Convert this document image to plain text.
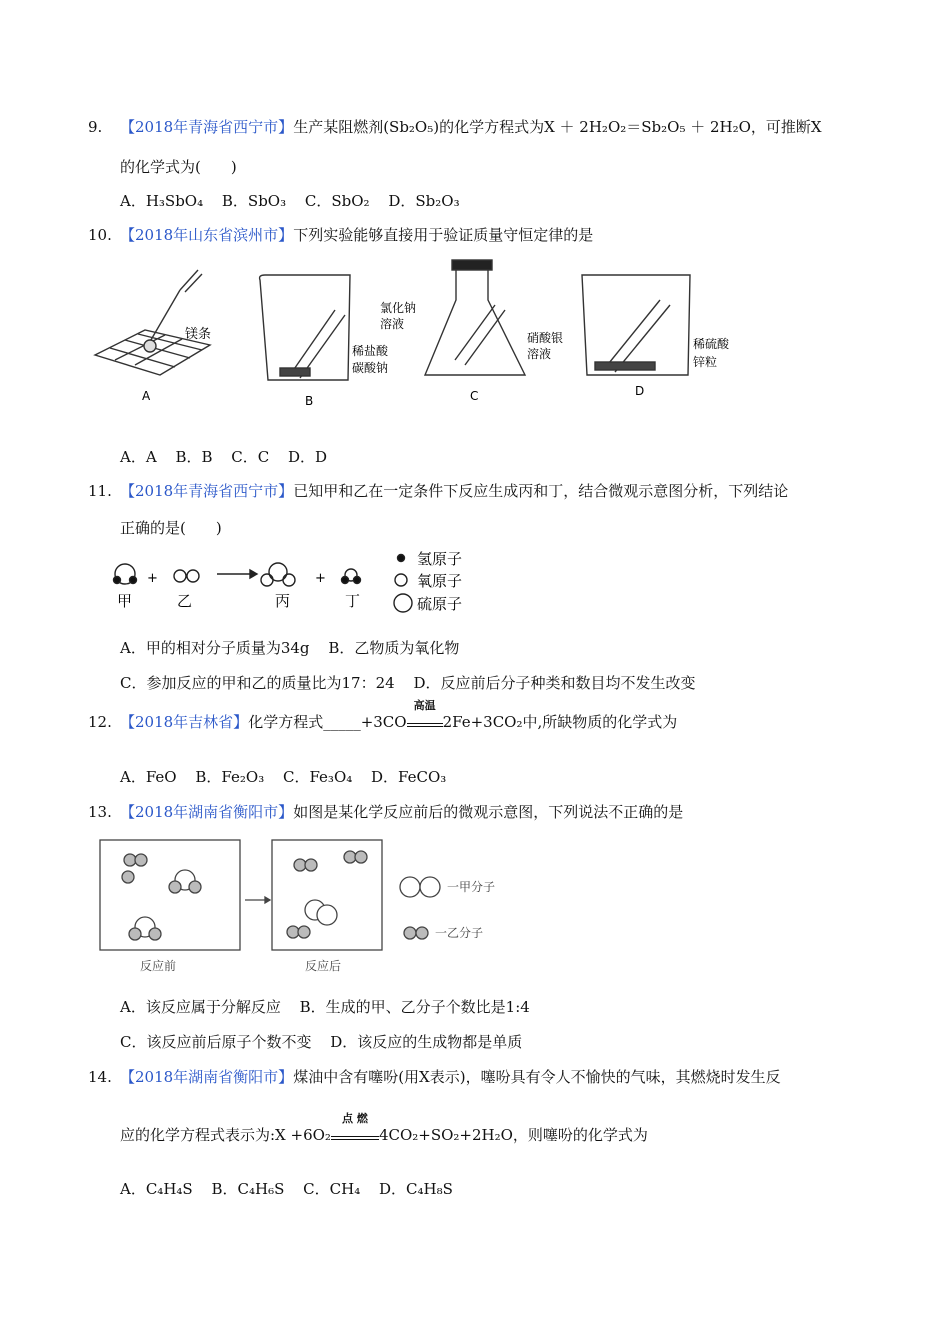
9. 【2018年青海省西宁市】生产某阻燃剂(Sb₂O₅)的化学方程式为X ＋ 2H₂O₂＝Sb₂O₅ ＋ 2H₂O，可推断X
的化学式为(　　)
A．H₃SbO₄ B．SbO₃ C．SbO₂ D．Sb₂O₃
10. 【2018年山东省滨州市】下列实验能够直接用于验证质量守恒定律的是
镁条
A
稀盐酸
碳酸钠
B
氯化钠
溶液
硝酸银
溶液
C
稀硫酸
锌粒
D
A．A B．B C．C D．D
11. 【2018年青海省西宁市】已知甲和乙在一定条件下反应生成丙和丁，结合微观示意图分析，下列结论
正确的是(　　)
+	+
甲	乙	丙	丁
氢原子
氧原子
硫原子
A．甲的相对分子质量为34g B．乙物质为氧化物
C．参加反应的甲和乙的质量比为17：24 D．反应前后分子种类和数目均不发生改变
12. 【2018年吉林省】化学方程式_____+3CO
高温
2Fe+3CO₂中,所缺物质的化学式为
A．FeO B．Fe₂O₃ C．Fe₃O₄ D．FeCO₃
13. 【2018年湖南省衡阳市】如图是某化学反应前后的微观示意图，下列说法不正确的是
反应前	反应后
一甲分子
一乙分子
A．该反应属于分解反应 B．生成的甲、乙分子个数比是1:4
C．该反应前后原子个数不变 D．该反应的生成物都是单质
14. 【2018年湖南省衡阳市】煤油中含有噻吩(用X表示)，噻吩具有令人不愉快的气味，其燃烧时发生反
应的化学方程式表示为:X +6O₂
点 燃
4CO₂+SO₂+2H₂O，则噻吩的化学式为
A．C₄H₄S B．C₄H₆S C．CH₄ D．C₄H₈S
